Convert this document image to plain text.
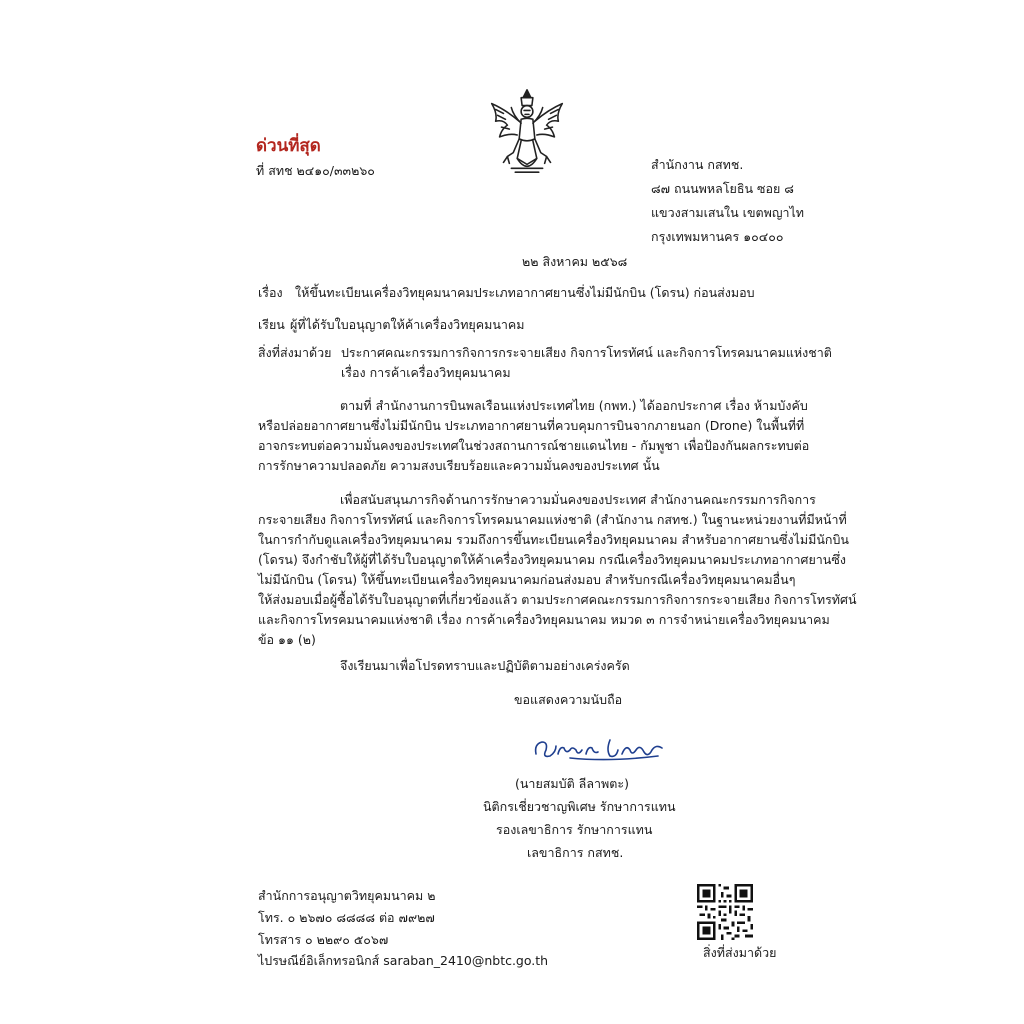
ด่วนที่สุด
ที่ สทช ๒๔๑๐/๓๓๒๖๐	สำนักงาน กสทช.
๘๗ ถนนพหลโยธิน ซอย ๘
แขวงสามเสนใน เขตพญาไท
กรุงเทพมหานคร ๑๐๔๐๐
๒๒ สิงหาคม ๒๕๖๘
เรื่อง ให้ขึ้นทะเบียนเครื่องวิทยุคมนาคมประเภทอากาศยานซึ่งไม่มีนักบิน (โดรน) ก่อนส่งมอบ
เรียน ผู้ที่ได้รับใบอนุญาตให้ค้าเครื่องวิทยุคมนาคม
สิ่งที่ส่งมาด้วย ประกาศคณะกรรมการกิจการกระจายเสียง กิจการโทรทัศน์ และกิจการโทรคมนาคมแห่งชาติ
เรื่อง การค้าเครื่องวิทยุคมนาคม
ตามที่ สำนักงานการบินพลเรือนแห่งประเทศไทย (กพท.) ได้ออกประกาศ เรื่อง ห้ามบังคับ
หรือปล่อยอากาศยานซึ่งไม่มีนักบิน ประเภทอากาศยานที่ควบคุมการบินจากภายนอก (Drone) ในพื้นที่ที่
อาจกระทบต่อความมั่นคงของประเทศในช่วงสถานการณ์ชายแดนไทย - กัมพูชา เพื่อป้องกันผลกระทบต่อ
การรักษาความปลอดภัย ความสงบเรียบร้อยและความมั่นคงของประเทศ นั้น
เพื่อสนับสนุนภารกิจด้านการรักษาความมั่นคงของประเทศ สำนักงานคณะกรรมการกิจการ
กระจายเสียง กิจการโทรทัศน์ และกิจการโทรคมนาคมแห่งชาติ (สำนักงาน กสทช.) ในฐานะหน่วยงานที่มีหน้าที่
ในการกำกับดูแลเครื่องวิทยุคมนาคม รวมถึงการขึ้นทะเบียนเครื่องวิทยุคมนาคม สำหรับอากาศยานซึ่งไม่มีนักบิน
(โดรน) จึงกำชับให้ผู้ที่ได้รับใบอนุญาตให้ค้าเครื่องวิทยุคมนาคม กรณีเครื่องวิทยุคมนาคมประเภทอากาศยานซึ่ง
ไม่มีนักบิน (โดรน) ให้ขึ้นทะเบียนเครื่องวิทยุคมนาคมก่อนส่งมอบ สำหรับกรณีเครื่องวิทยุคมนาคมอื่นๆ
ให้ส่งมอบเมื่อผู้ซื้อได้รับใบอนุญาตที่เกี่ยวข้องแล้ว ตามประกาศคณะกรรมการกิจการกระจายเสียง กิจการโทรทัศน์
และกิจการโทรคมนาคมแห่งชาติ เรื่อง การค้าเครื่องวิทยุคมนาคม หมวด ๓ การจำหน่ายเครื่องวิทยุคมนาคม
ข้อ ๑๑ (๒)
จึงเรียนมาเพื่อโปรดทราบและปฏิบัติตามอย่างเคร่งครัด
ขอแสดงความนับถือ
(นายสมบัติ ลีลาพตะ)
นิติกรเชี่ยวชาญพิเศษ รักษาการแทน
รองเลขาธิการ รักษาการแทน
เลขาธิการ กสทช.
สำนักการอนุญาตวิทยุคมนาคม ๒
โทร. ๐ ๒๖๗๐ ๘๘๘๘ ต่อ ๗๙๒๗
โทรสาร ๐ ๒๒๙๐ ๕๐๖๗
ไปรษณีย์อิเล็กทรอนิกส์ saraban_2410@nbtc.go.th
สิ่งที่ส่งมาด้วย
